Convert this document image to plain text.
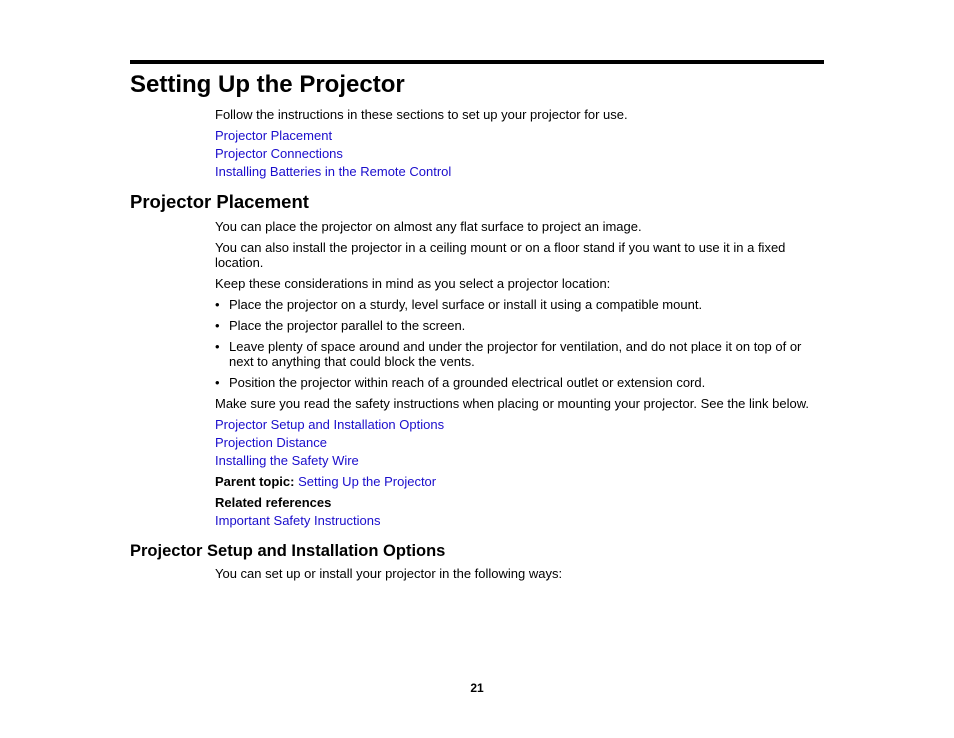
Setting Up the Projector
Follow the instructions in these sections to set up your projector for use.
Projector Placement
Projector Connections
Installing Batteries in the Remote Control
Projector Placement
You can place the projector on almost any flat surface to project an image.
You can also install the projector in a ceiling mount or on a floor stand if you want to use it in a fixed
location.
Keep these considerations in mind as you select a projector location:
• Place the projector on a sturdy, level surface or install it using a compatible mount.
• Place the projector parallel to the screen.
• Leave plenty of space around and under the projector for ventilation, and do not place it on top of or
next to anything that could block the vents.
• Position the projector within reach of a grounded electrical outlet or extension cord.
Make sure you read the safety instructions when placing or mounting your projector. See the link below.
Projector Setup and Installation Options
Projection Distance
Installing the Safety Wire
Parent topic: Setting Up the Projector
Related references
Important Safety Instructions
Projector Setup and Installation Options
You can set up or install your projector in the following ways:
21
